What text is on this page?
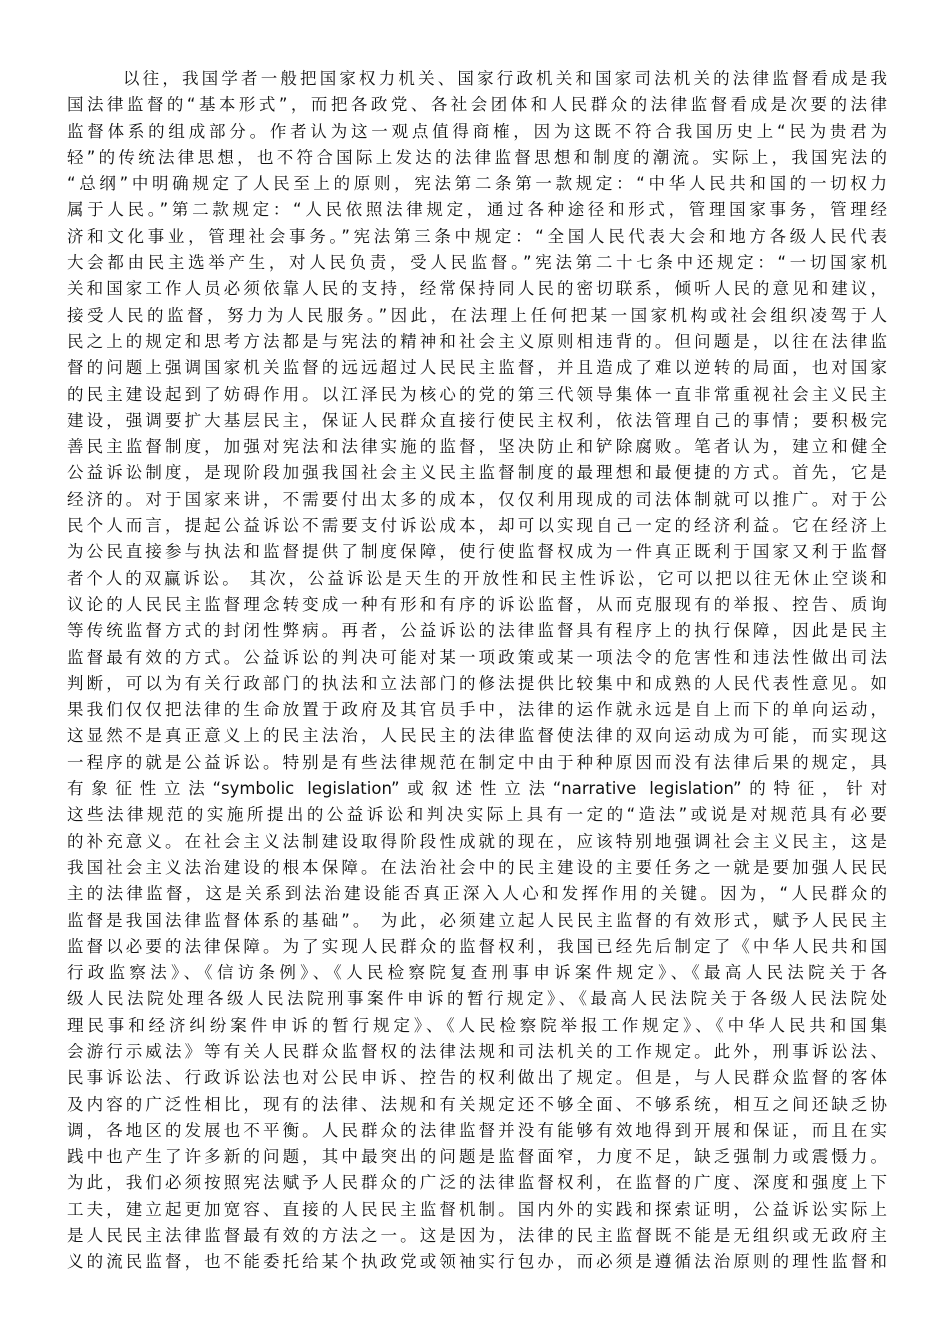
以往，我国学者一般把国家权力机关、国家行政机关和国家司法机关的法律监督看成是我
国法律监督的“基本形式”，而把各政党、各社会团体和人民群众的法律监督看成是次要的法律
监督体系的组成部分。作者认为这一观点值得商榷，因为这既不符合我国历史上“民为贵君为
轻”的传统法律思想，也不符合国际上发达的法律监督思想和制度的潮流。实际上，我国宪法的
“总纲”中明确规定了人民至上的原则，宪法第二条第一款规定：“中华人民共和国的一切权力
属于人民。”第二款规定：“人民依照法律规定，通过各种途径和形式，管理国家事务，管理经
济和文化事业，管理社会事务。”宪法第三条中规定：“全国人民代表大会和地方各级人民代表
大会都由民主选举产生，对人民负责，受人民监督。”宪法第二十七条中还规定：“一切国家机
关和国家工作人员必须依靠人民的支持，经常保持同人民的密切联系，倾听人民的意见和建议，
接受人民的监督，努力为人民服务。”因此，在法理上任何把某一国家机构或社会组织凌驾于人
民之上的规定和思考方法都是与宪法的精神和社会主义原则相违背的。但问题是，以往在法律监
督的问题上强调国家机关监督的远远超过人民民主监督，并且造成了难以逆转的局面，也对国家
的民主建设起到了妨碍作用。以江泽民为核心的党的第三代领导集体一直非常重视社会主义民主
建设，强调要扩大基层民主，保证人民群众直接行使民主权利，依法管理自己的事情；要积极完
善民主监督制度，加强对宪法和法律实施的监督，坚决防止和铲除腐败。笔者认为，建立和健全
公益诉讼制度，是现阶段加强我国社会主义民主监督制度的最理想和最便捷的方式。首先，它是
经济的。对于国家来讲，不需要付出太多的成本，仅仅利用现成的司法体制就可以推广。对于公
民个人而言，提起公益诉讼不需要支付诉讼成本，却可以实现自己一定的经济利益。它在经济上
为公民直接参与执法和监督提供了制度保障，使行使监督权成为一件真正既利于国家又利于监督
者个人的双赢诉讼。 其次，公益诉讼是天生的开放性和民主性诉讼，它可以把以往无休止空谈和
议论的人民民主监督理念转变成一种有形和有序的诉讼监督，从而克服现有的举报、控告、质询
等传统监督方式的封闭性弊病。再者，公益诉讼的法律监督具有程序上的执行保障，因此是民主
监督最有效的方式。公益诉讼的判决可能对某一项政策或某一项法令的危害性和违法性做出司法
判断，可以为有关行政部门的执法和立法部门的修法提供比较集中和成熟的人民代表性意见。如
果我们仅仅把法律的生命放置于政府及其官员手中，法律的运作就永远是自上而下的单向运动，
这显然不是真正意义上的民主法治，人民民主的法律监督使法律的双向运动成为可能，而实现这
一程序的就是公益诉讼。特别是有些法律规范在制定中由于种种原因而没有法律后果的规定，具
有象征性立法“symbolic legislation”或叙述性立法“narrative legislation”的特征，针对
这些法律规范的实施所提出的公益诉讼和判决实际上具有一定的“造法”或说是对规范具有必要
的补充意义。在社会主义法制建设取得阶段性成就的现在，应该特别地强调社会主义民主，这是
我国社会主义法治建设的根本保障。在法治社会中的民主建设的主要任务之一就是要加强人民民
主的法律监督，这是关系到法治建设能否真正深入人心和发挥作用的关键。因为，“人民群众的
监督是我国法律监督体系的基础”。 为此，必须建立起人民民主监督的有效形式，赋予人民民主
监督以必要的法律保障。为了实现人民群众的监督权利，我国已经先后制定了《中华人民共和国
行政监察法》、《信访条例》、《人民检察院复查刑事申诉案件规定》、《最高人民法院关于各
级人民法院处理各级人民法院刑事案件申诉的暂行规定》、《最高人民法院关于各级人民法院处
理民事和经济纠纷案件申诉的暂行规定》、《人民检察院举报工作规定》、《中华人民共和国集
会游行示威法》等有关人民群众监督权的法律法规和司法机关的工作规定。此外，刑事诉讼法、
民事诉讼法、行政诉讼法也对公民申诉、控告的权利做出了规定。但是，与人民群众监督的客体
及内容的广泛性相比，现有的法律、法规和有关规定还不够全面、不够系统，相互之间还缺乏协
调，各地区的发展也不平衡。人民群众的法律监督并没有能够有效地得到开展和保证，而且在实
践中也产生了许多新的问题，其中最突出的问题是监督面窄，力度不足，缺乏强制力或震慑力。
为此，我们必须按照宪法赋予人民群众的广泛的法律监督权利，在监督的广度、深度和强度上下
工夫，建立起更加宽容、直接的人民民主监督机制。国内外的实践和探索证明，公益诉讼实际上
是人民民主法律监督最有效的方法之一。这是因为，法律的民主监督既不能是无组织或无政府主
义的流民监督，也不能委托给某个执政党或领袖实行包办，而必须是遵循法治原则的理性监督和
